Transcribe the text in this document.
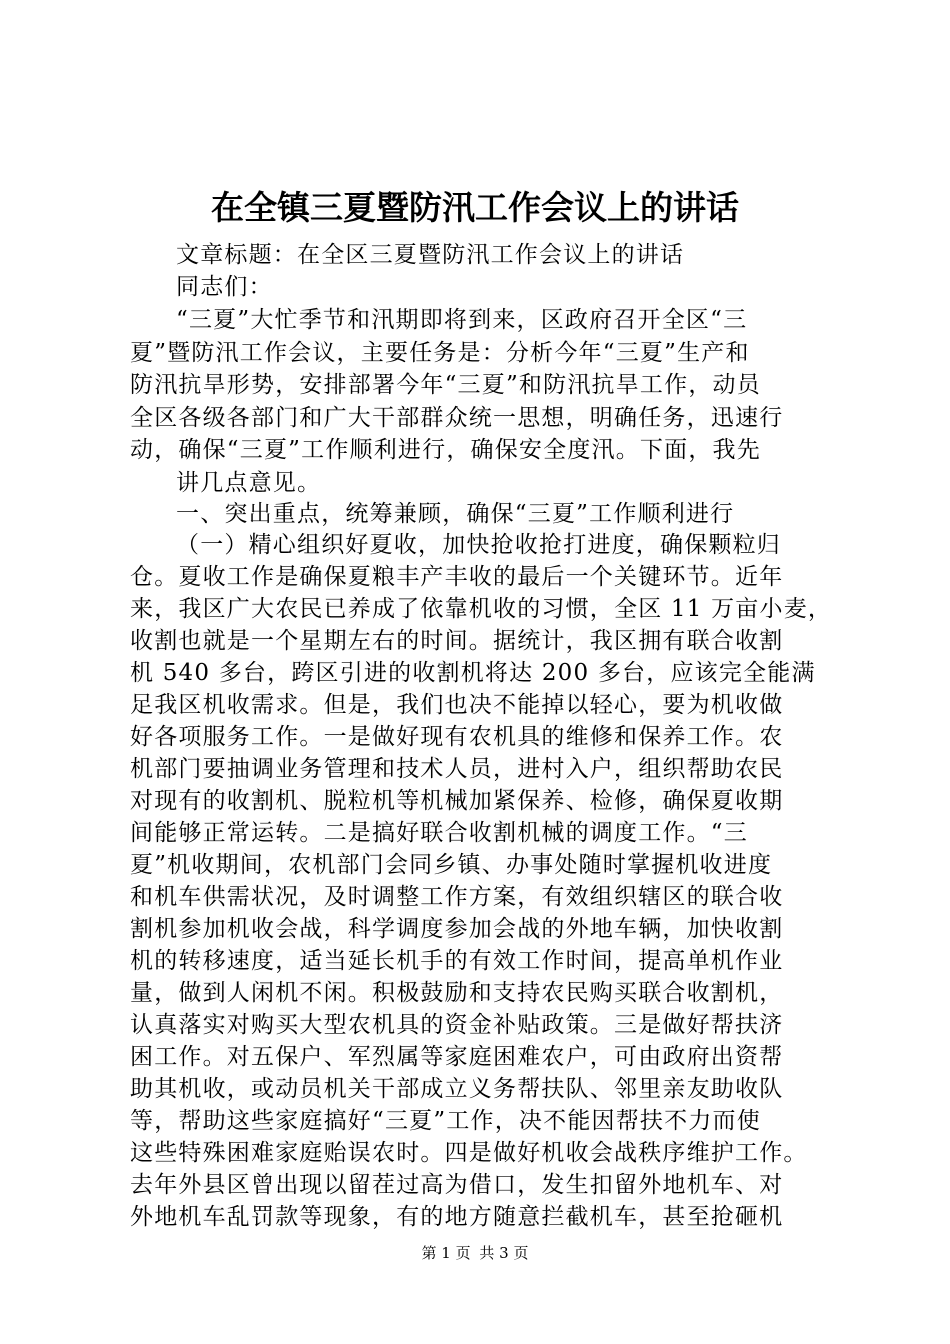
在全镇三夏暨防汛工作会议上的讲话
文章标题：在全区三夏暨防汛工作会议上的讲话
同志们：
“三夏”大忙季节和汛期即将到来，区政府召开全区“三
夏”暨防汛工作会议，主要任务是：分析今年“三夏”生产和
防汛抗旱形势，安排部署今年“三夏”和防汛抗旱工作，动员
全区各级各部门和广大干部群众统一思想，明确任务，迅速行
动，确保“三夏”工作顺利进行，确保安全度汛。下面，我先
讲几点意见。
一、突出重点，统筹兼顾，确保“三夏”工作顺利进行
（一）精心组织好夏收，加快抢收抢打进度，确保颗粒归
仓。夏收工作是确保夏粮丰产丰收的最后一个关键环节。近年
来，我区广大农民已养成了依靠机收的习惯，全区 11 万亩小麦，
收割也就是一个星期左右的时间。据统计，我区拥有联合收割
机 540 多台，跨区引进的收割机将达 200 多台，应该完全能满
足我区机收需求。但是，我们也决不能掉以轻心，要为机收做
好各项服务工作。一是做好现有农机具的维修和保养工作。农
机部门要抽调业务管理和技术人员，进村入户，组织帮助农民
对现有的收割机、脱粒机等机械加紧保养、检修，确保夏收期
间能够正常运转。二是搞好联合收割机械的调度工作。“三
夏”机收期间，农机部门会同乡镇、办事处随时掌握机收进度
和机车供需状况，及时调整工作方案，有效组织辖区的联合收
割机参加机收会战，科学调度参加会战的外地车辆，加快收割
机的转移速度，适当延长机手的有效工作时间，提高单机作业
量，做到人闲机不闲。积极鼓励和支持农民购买联合收割机，
认真落实对购买大型农机具的资金补贴政策。三是做好帮扶济
困工作。对五保户、军烈属等家庭困难农户，可由政府出资帮
助其机收，或动员机关干部成立义务帮扶队、邻里亲友助收队
等，帮助这些家庭搞好“三夏”工作，决不能因帮扶不力而使
这些特殊困难家庭贻误农时。四是做好机收会战秩序维护工作。
去年外县区曾出现以留茬过高为借口，发生扣留外地机车、对
外地机车乱罚款等现象，有的地方随意拦截机车，甚至抢砸机
第 1 页 共 3 页
